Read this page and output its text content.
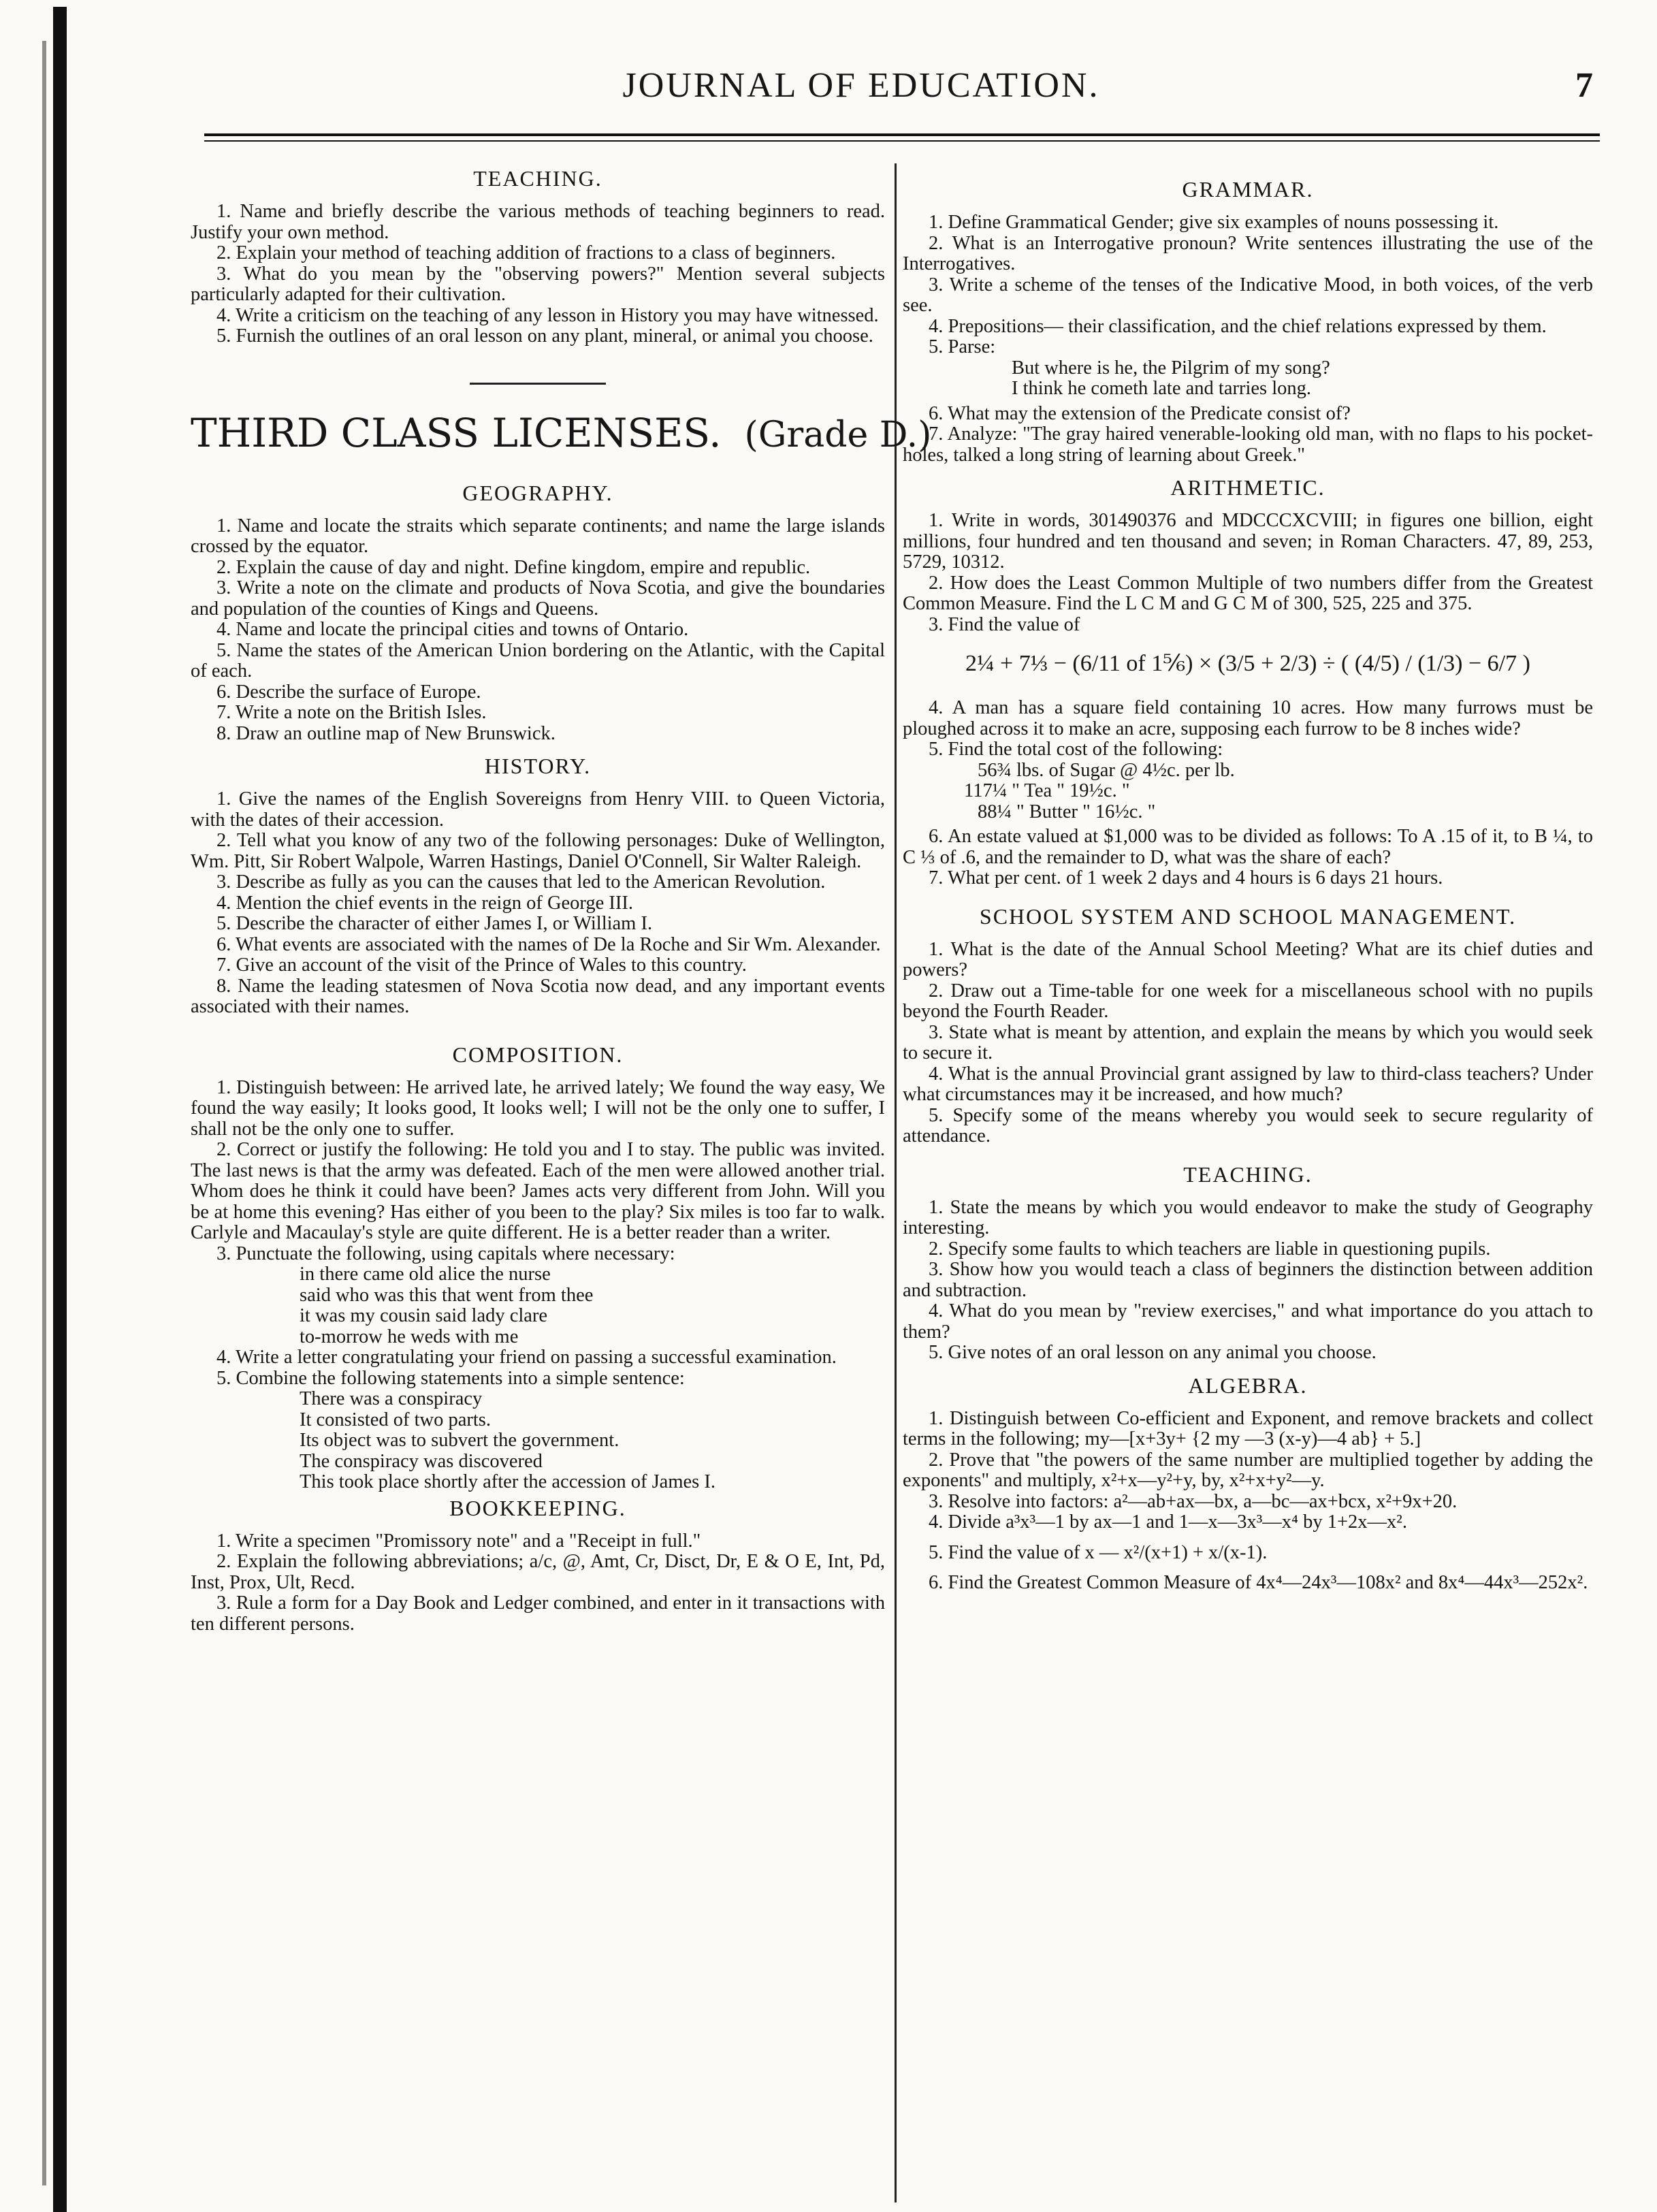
JOURNAL OF EDUCATION.	7
TEACHING.

1. Name and briefly describe the various methods of teaching beginners to read. Justify your own method.

2. Explain your method of teaching addition of fractions to a class of beginners.

3. What do you mean by the "observing powers?" Mention several subjects particularly adapted for their cultivation.

4. Write a criticism on the teaching of any lesson in History you may have witnessed.

5. Furnish the outlines of an oral lesson on any plant, mineral, or animal you choose.

THIRD CLASS LICENSES. (Grade D.)
GEOGRAPHY.

1. Name and locate the straits which separate continents; and name the large islands crossed by the equator.

2. Explain the cause of day and night. Define kingdom, empire and republic.

3. Write a note on the climate and products of Nova Scotia, and give the boundaries and population of the counties of Kings and Queens.

4. Name and locate the principal cities and towns of Ontario.

5. Name the states of the American Union bordering on the Atlantic, with the Capital of each.

6. Describe the surface of Europe.

7. Write a note on the British Isles.

8. Draw an outline map of New Brunswick.

HISTORY.

1. Give the names of the English Sovereigns from Henry VIII. to Queen Victoria, with the dates of their accession.

2. Tell what you know of any two of the following personages: Duke of Wellington, Wm. Pitt, Sir Robert Walpole, Warren Hastings, Daniel O'Connell, Sir Walter Raleigh.

3. Describe as fully as you can the causes that led to the American Revolution.

4. Mention the chief events in the reign of George III.

5. Describe the character of either James I, or William I.

6. What events are associated with the names of De la Roche and Sir Wm. Alexander.

7. Give an account of the visit of the Prince of Wales to this country.

8. Name the leading statesmen of Nova Scotia now dead, and any important events associated with their names.

COMPOSITION.

1. Distinguish between: He arrived late, he arrived lately; We found the way easy, We found the way easily; It looks good, It looks well; I will not be the only one to suffer, I shall not be the only one to suffer.

2. Correct or justify the following: He told you and I to stay. The public was invited. The last news is that the army was defeated. Each of the men were allowed another trial. Whom does he think it could have been? James acts very different from John. Will you be at home this evening? Has either of you been to the play? Six miles is too far to walk. Carlyle and Macaulay's style are quite different. He is a better reader than a writer.

3. Punctuate the following, using capitals where necessary:

in there came old alice the nurse

said who was this that went from thee

it was my cousin said lady clare

to-morrow he weds with me

4. Write a letter congratulating your friend on passing a successful examination.

5. Combine the following statements into a simple sentence:

There was a conspiracy

It consisted of two parts.

Its object was to subvert the government.

The conspiracy was discovered

This took place shortly after the accession of James I.

BOOKKEEPING.

1. Write a specimen "Promissory note" and a "Receipt in full."

2. Explain the following abbreviations; a/c, @, Amt, Cr, Disct, Dr, E & O E, Int, Pd, Inst, Prox, Ult, Recd.

3. Rule a form for a Day Book and Ledger combined, and enter in it transactions with ten different persons.

GRAMMAR.

1. Define Grammatical Gender; give six examples of nouns possessing it.

2. What is an Interrogative pronoun? Write sentences illustrating the use of the Interrogatives.

3. Write a scheme of the tenses of the Indicative Mood, in both voices, of the verb see.

4. Prepositions— their classification, and the chief relations expressed by them.

5. Parse:

But where is he, the Pilgrim of my song?

I think he cometh late and tarries long.

6. What may the extension of the Predicate consist of?

7. Analyze: "The gray haired venerable-looking old man, with no flaps to his pocket-holes, talked a long string of learning about Greek."

ARITHMETIC.

1. Write in words, 301490376 and MDCCCXCVIII; in figures one billion, eight millions, four hundred and ten thousand and seven; in Roman Characters. 47, 89, 253, 5729, 10312.

2. How does the Least Common Multiple of two numbers differ from the Greatest Common Measure. Find the L C M and G C M of 300, 525, 225 and 375.

3. Find the value of

2¼ + 7⅓ − (6/11 of 1⅚) × (3/5 + 2/3) ÷ ( (4/5) / (1/3) − 6/7 )

4. A man has a square field containing 10 acres. How many furrows must be ploughed across it to make an acre, supposing each furrow to be 8 inches wide?

5. Find the total cost of the following:

56¾ lbs. of Sugar @ 4½c. per lb.

117¼ " Tea " 19½c. "

88¼ " Butter " 16½c. "

6. An estate valued at $1,000 was to be divided as follows: To A .15 of it, to B ¼, to C ⅓ of .6, and the remainder to D, what was the share of each?

7. What per cent. of 1 week 2 days and 4 hours is 6 days 21 hours.

SCHOOL SYSTEM AND SCHOOL MANAGEMENT.

1. What is the date of the Annual School Meeting? What are its chief duties and powers?

2. Draw out a Time-table for one week for a miscellaneous school with no pupils beyond the Fourth Reader.

3. State what is meant by attention, and explain the means by which you would seek to secure it.

4. What is the annual Provincial grant assigned by law to third-class teachers? Under what circumstances may it be increased, and how much?

5. Specify some of the means whereby you would seek to secure regularity of attendance.

TEACHING.

1. State the means by which you would endeavor to make the study of Geography interesting.

2. Specify some faults to which teachers are liable in questioning pupils.

3. Show how you would teach a class of beginners the distinction between addition and subtraction.

4. What do you mean by "review exercises," and what importance do you attach to them?

5. Give notes of an oral lesson on any animal you choose.

ALGEBRA.

1. Distinguish between Co-efficient and Exponent, and remove brackets and collect terms in the following; my—[x+3y+ {2 my —3 (x-y)—4 ab} + 5.]

2. Prove that "the powers of the same number are multiplied together by adding the exponents" and multiply, x²+x—y²+y, by, x²+x+y²—y.

3. Resolve into factors: a²—ab+ax—bx, a—bc—ax+bcx, x²+9x+20.

4. Divide a³x³—1 by ax—1 and 1—x—3x³—x⁴ by 1+2x—x².

5. Find the value of x — x²/(x+1) + x/(x-1).

6. Find the Greatest Common Measure of 4x⁴—24x³—108x² and 8x⁴—44x³—252x².
